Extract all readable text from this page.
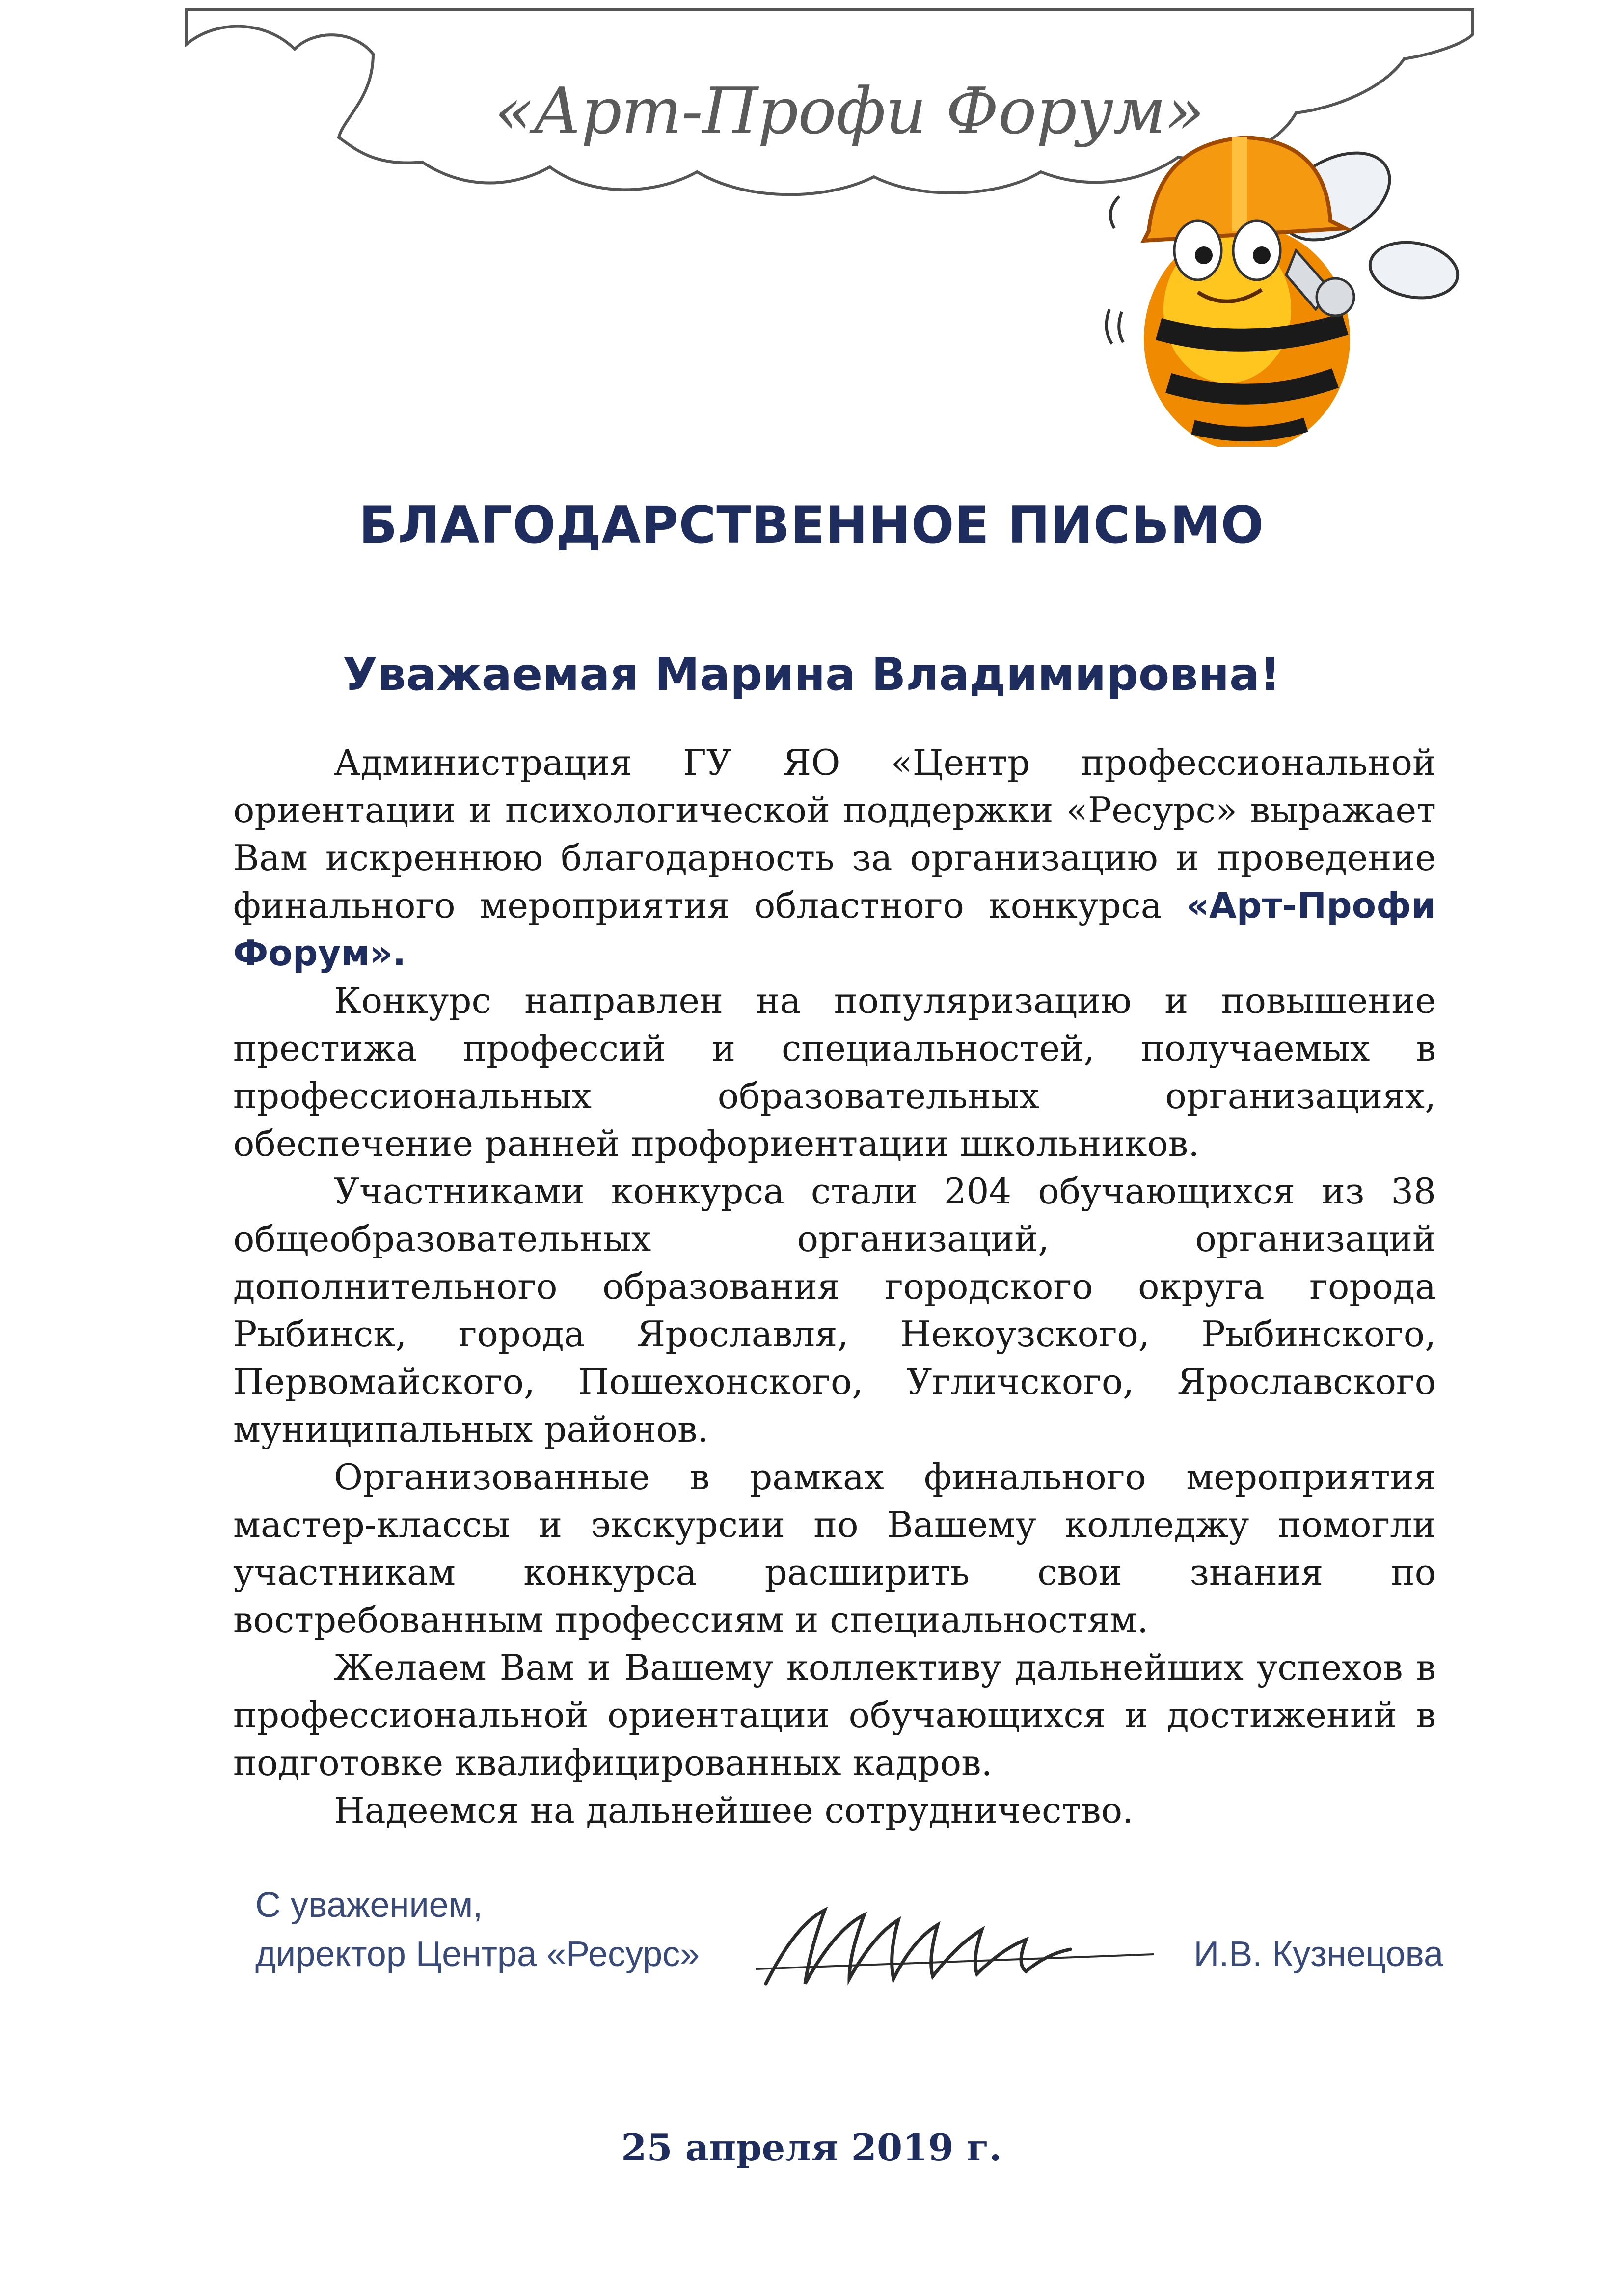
«Арт-Профи Форум»
БЛАГОДАРСТВЕННОЕ ПИСЬМО
Уважаемая Марина Владимировна!

Администрация ГУ ЯО «Центр профессиональной ориентации и психологической поддержки «Ресурс» выражает Вам искреннюю благодарность за организацию и проведение финального мероприятия областного конкурса «Арт-Профи Форум».

Конкурс направлен на популяризацию и повышение престижа профессий и специальностей, получаемых в профессиональных образовательных организациях, обеспечение ранней профориентации школьников.

Участниками конкурса стали 204 обучающихся из 38 общеобразовательных организаций, организаций дополнительного образования городского округа города Рыбинск, города Ярославля, Некоузского, Рыбинского, Первомайского, Пошехонского, Угличского, Ярославского муниципальных районов.

Организованные в рамках финального мероприятия мастер-классы и экскурсии по Вашему колледжу помогли участникам конкурса расширить свои знания по востребованным профессиям и специальностям.

Желаем Вам и Вашему коллективу дальнейших успехов в профессиональной ориентации обучающихся и достижений в подготовке квалифицированных кадров.

Надеемся на дальнейшее сотрудничество.

С уважением,
директор Центра «Ресурс»	И.В. Кузнецова
25 апреля 2019 г.
